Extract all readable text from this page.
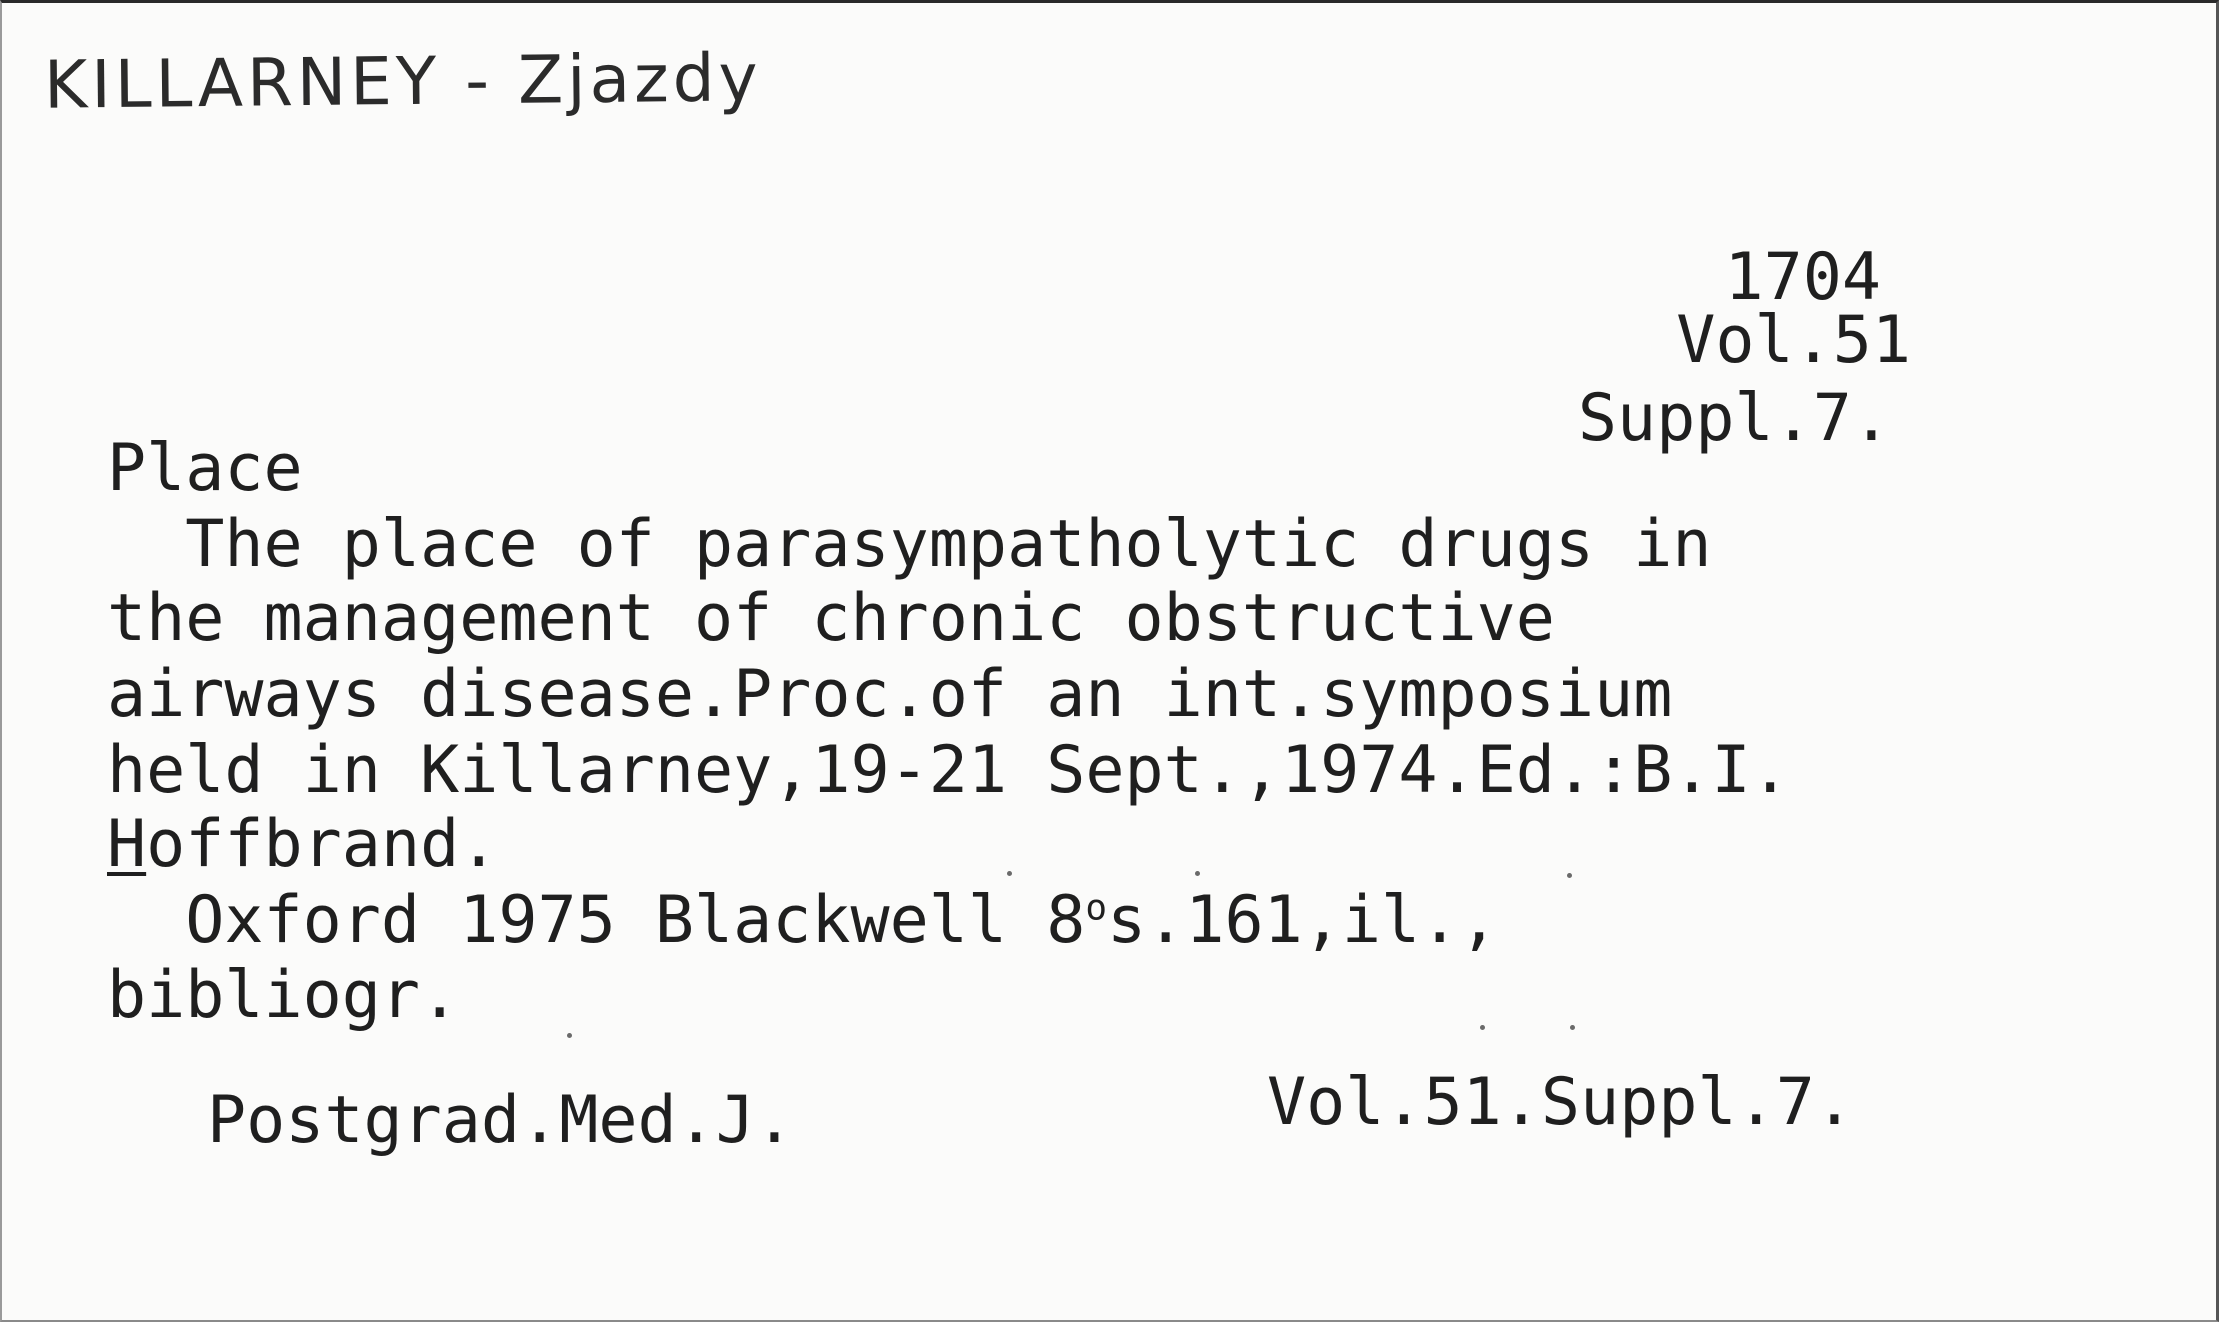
KILLARNEY - Zjazdy
1704
Vol.51
Suppl.7.
Place
The place of parasympatholytic drugs in
the management of chronic obstructive
airways disease.Proc.of an int.symposium
held in Killarney,19-21 Sept.,1974.Ed.:B.I.
Hoffbrand.
Oxford 1975 Blackwell 8$^o$s.161,il.,
bibliogr.
Postgrad.Med.J.	Vol.51.Suppl.7.
